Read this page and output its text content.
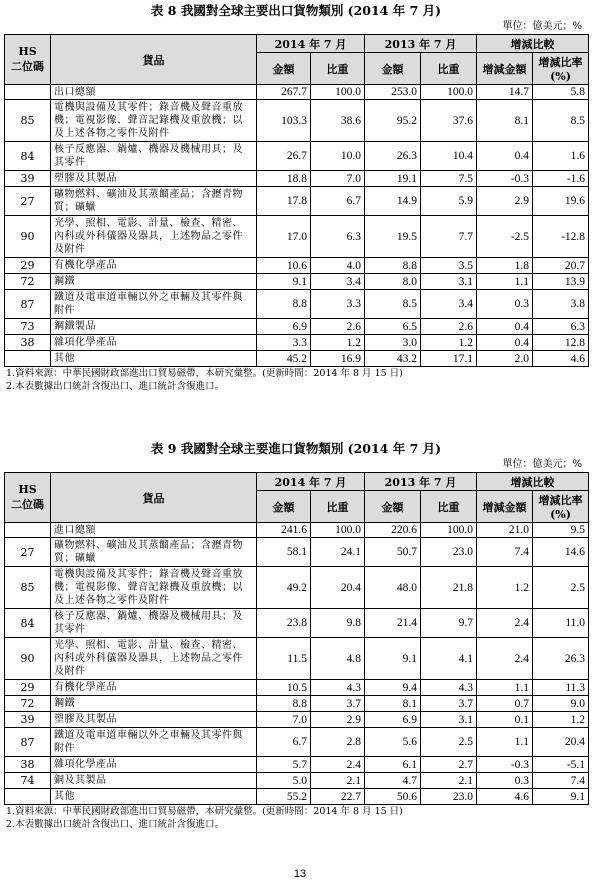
表 8 我國對全球主要出口貨物類別 (2014 年 7 月)
單位：億美元；%
HS
二位碼	貨品	2014 年 7 月		2013 年 7 月		增減比較	
		金額	比重	金額	比重	增減金額	增減比率
(%)
	出口總額	267.7	100.0	253.0	100.0	14.7	5.8
85	電機與設備及其零件；錄音機及聲音重放機；電視影像、聲音記錄機及重放機；以及上述各物之零件及附件	103.3	38.6	95.2	37.6	8.1	8.5
84	核子反應器、鍋爐、機器及機械用具；及其零件	26.7	10.0	26.3	10.4	0.4	1.6
39	塑膠及其製品	18.8	7.0	19.1	7.5	-0.3	-1.6
27	礦物燃料、礦油及其蒸餾產品；含瀝青物質；礦蠟	17.8	6.7	14.9	5.9	2.9	19.6
90	光學、照相、電影、計量、檢查、精密、內科或外科儀器及器具，上述物品之零件及附件	17.0	6.3	19.5	7.7	-2.5	-12.8
29	有機化學產品	10.6	4.0	8.8	3.5	1.8	20.7
72	鋼鐵	9.1	3.4	8.0	3.1	1.1	13.9
87	鐵道及電車道車輛以外之車輛及其零件與附件	8.8	3.3	8.5	3.4	0.3	3.8
73	鋼鐵製品	6.9	2.6	6.5	2.6	0.4	6.3
38	雜項化學產品	3.3	1.2	3.0	1.2	0.4	12.8
	其他	45.2	16.9	43.2	17.1	2.0	4.6
1.資料來源：中華民國財政部進出口貿易磁帶，本研究彙整。(更新時間：2014 年 8 月 15 日)
2.本表數據出口統計含復出口、進口統計含復進口。
表 9 我國對全球主要進口貨物類別 (2014 年 7 月)
單位：億美元；%
HS
二位碼	貨品	2014 年 7 月		2013 年 7 月		增減比較	
		金額	比重	金額	比重	增減金額	增減比率
(%)
	進口總額	241.6	100.0	220.6	100.0	21.0	9.5
27	礦物燃料、礦油及其蒸餾產品；含瀝青物質；礦蠟	58.1	24.1	50.7	23.0	7.4	14.6
85	電機與設備及其零件；錄音機及聲音重放機；電視影像、聲音記錄機及重放機；以及上述各物之零件及附件	49.2	20.4	48.0	21.8	1.2	2.5
84	核子反應器、鍋爐、機器及機械用具；及其零件	23.8	9.8	21.4	9.7	2.4	11.0
90	光學、照相、電影、計量、檢查、精密、內科或外科儀器及器具，上述物品之零件及附件	11.5	4.8	9.1	4.1	2.4	26.3
29	有機化學產品	10.5	4.3	9.4	4.3	1.1	11.3
72	鋼鐵	8.8	3.7	8.1	3.7	0.7	9.0
39	塑膠及其製品	7.0	2.9	6.9	3.1	0.1	1.2
87	鐵道及電車道車輛以外之車輛及其零件與附件	6.7	2.8	5.6	2.5	1.1	20.4
38	雜項化學產品	5.7	2.4	6.1	2.7	-0.3	-5.1
74	銅及其製品	5.0	2.1	4.7	2.1	0.3	7.4
	其他	55.2	22.7	50.6	23.0	4.6	9.1
1.資料來源：中華民國財政部進出口貿易磁帶，本研究彙整。(更新時間：2014 年 8 月 15 日)
2.本表數據出口統計含復出口、進口統計含復進口。
13
